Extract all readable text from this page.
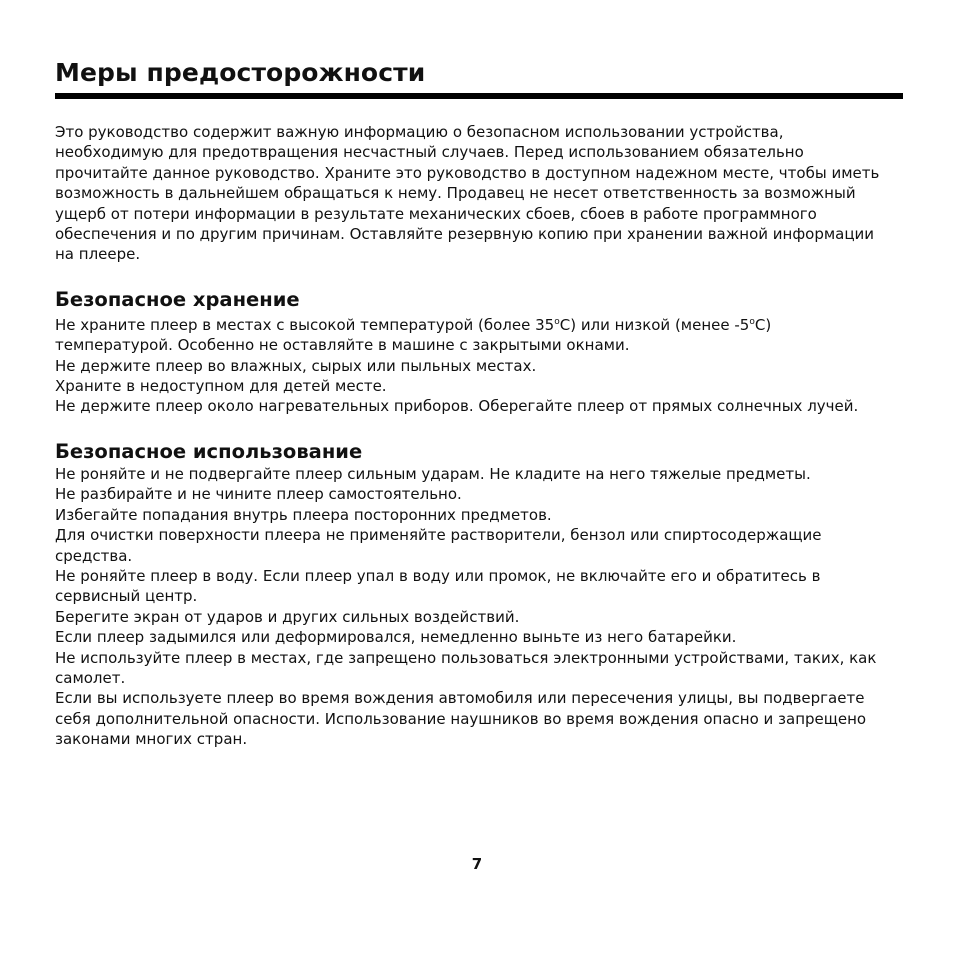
Меры предосторожности

Это руководство содержит важную информацию о безопасном использовании устройства, необходимую для предотвращения несчастный случаев. Перед использованием обязательно прочитайте данное руководство. Храните это руководство в доступном надежном месте, чтобы иметь возможность в дальнейшем обращаться к нему. Продавец не несет ответственность за возможный ущерб от потери информации в результате механических сбоев, сбоев в работе программного обеспечения и по другим причинам. Оставляйте резервную копию при хранении важной информации на плеере.

Безопасное хранение
Не храните плеер в местах с высокой температурой (более 35$^o$C) или низкой (менее -5$^o$C) температурой. Особенно не оставляйте в машине с закрытыми окнами.
Не держите плеер во влажных, сырых или пыльных местах.
Храните в недоступном для детей месте.
Не держите плеер около нагревательных приборов. Оберегайте плеер от прямых солнечных лучей.
Безопасное использование
Не роняйте и не подвергайте плеер сильным ударам. Не кладите на него тяжелые предметы.
Не разбирайте и не чините плеер самостоятельно.
Избегайте попадания внутрь плеера посторонних предметов.
Для очистки поверхности плеера не применяйте растворители, бензол или спиртосодержащие средства.
Не роняйте плеер в воду. Если плеер упал в воду или промок, не включайте его и обратитесь в сервисный центр.
Берегите экран от ударов и других сильных воздействий.
Если плеер задымился или деформировался, немедленно выньте из него батарейки.
Не используйте плеер в местах, где запрещено пользоваться электронными устройствами, таких, как самолет.
Если вы используете плеер во время вождения автомобиля или пересечения улицы, вы подвергаете себя дополнительной опасности. Использование наушников во время вождения опасно и запрещено законами многих стран.
7
